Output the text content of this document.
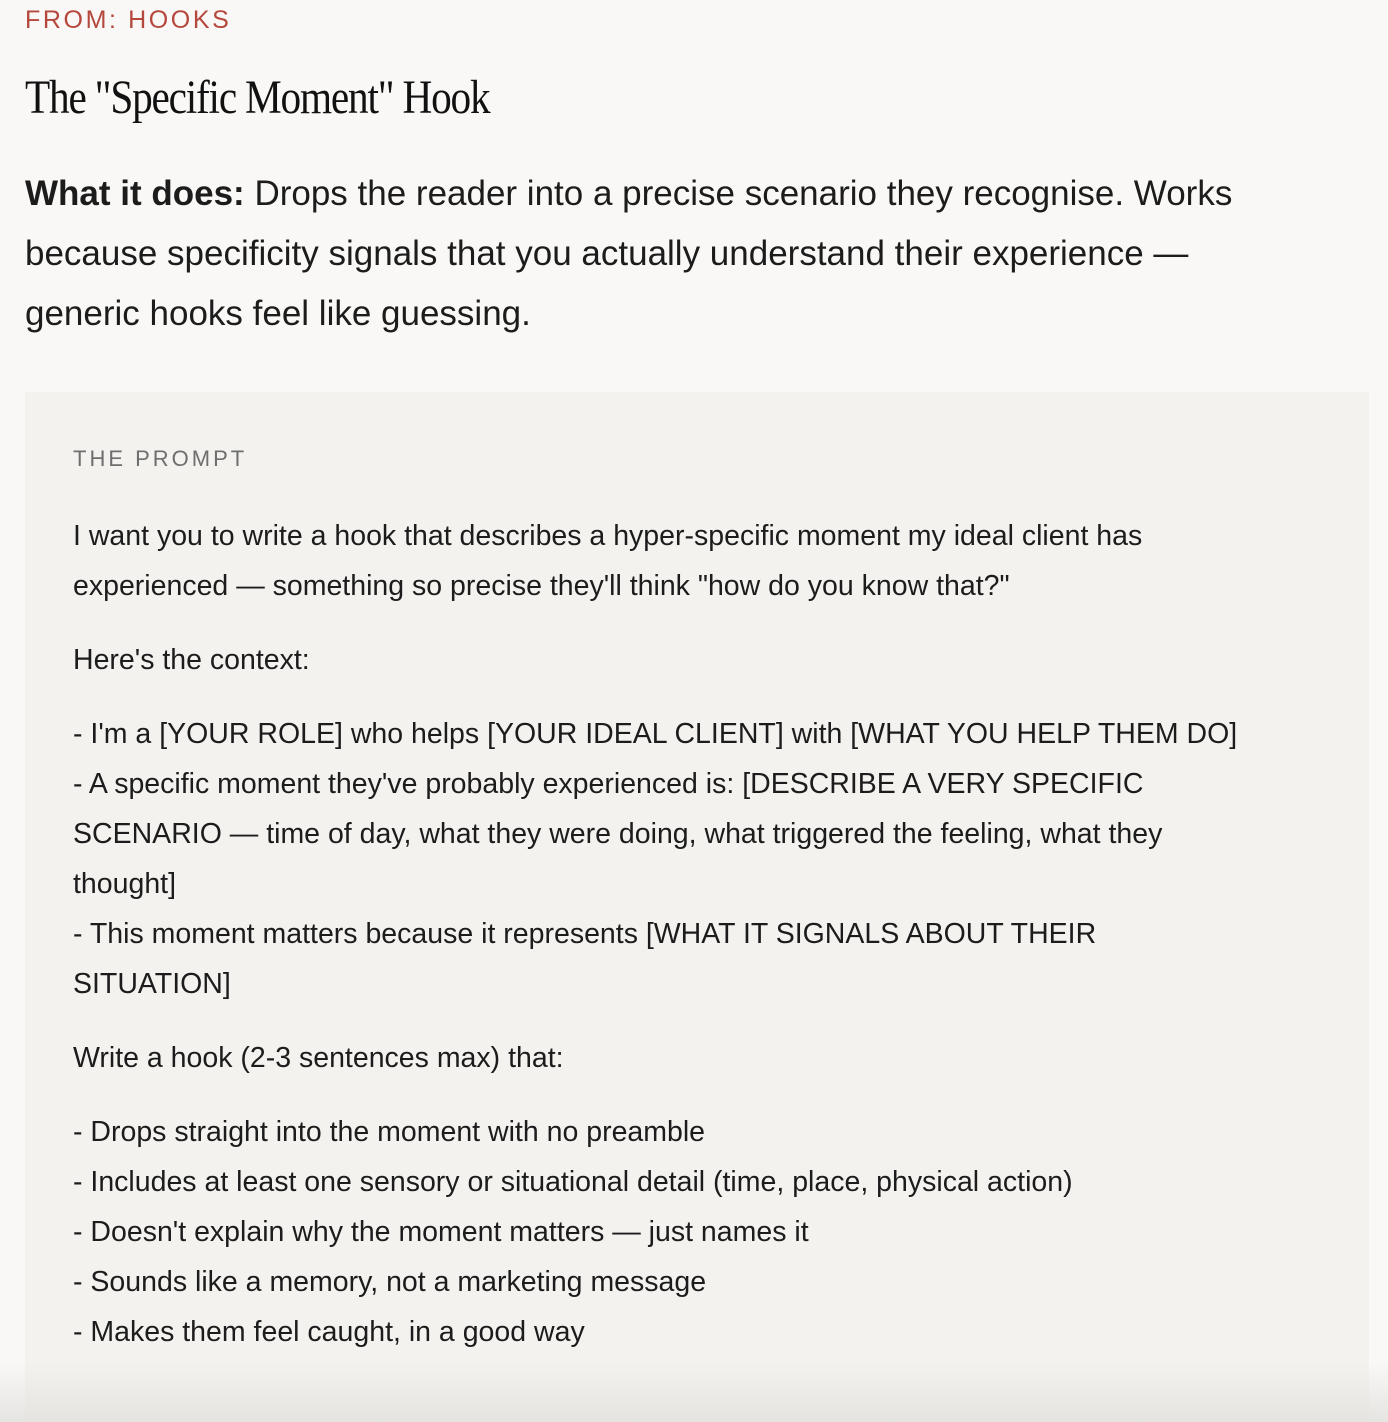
FROM: HOOKS
The "Specific Moment" Hook

What it does: Drops the reader into a precise scenario they recognise. Works
because specificity signals that you actually understand their experience —
generic hooks feel like guessing.

THE PROMPT
I want you to write a hook that describes a hyper-specific moment my ideal client has
experienced — something so precise they'll think "how do you know that?"
Here's the context:
- I'm a [YOUR ROLE] who helps [YOUR IDEAL CLIENT] with [WHAT YOU HELP THEM DO]
- A specific moment they've probably experienced is: [DESCRIBE A VERY SPECIFIC
SCENARIO — time of day, what they were doing, what triggered the feeling, what they
thought]
- This moment matters because it represents [WHAT IT SIGNALS ABOUT THEIR
SITUATION]
Write a hook (2-3 sentences max) that:
- Drops straight into the moment with no preamble
- Includes at least one sensory or situational detail (time, place, physical action)
- Doesn't explain why the moment matters — just names it
- Sounds like a memory, not a marketing message
- Makes them feel caught, in a good way
